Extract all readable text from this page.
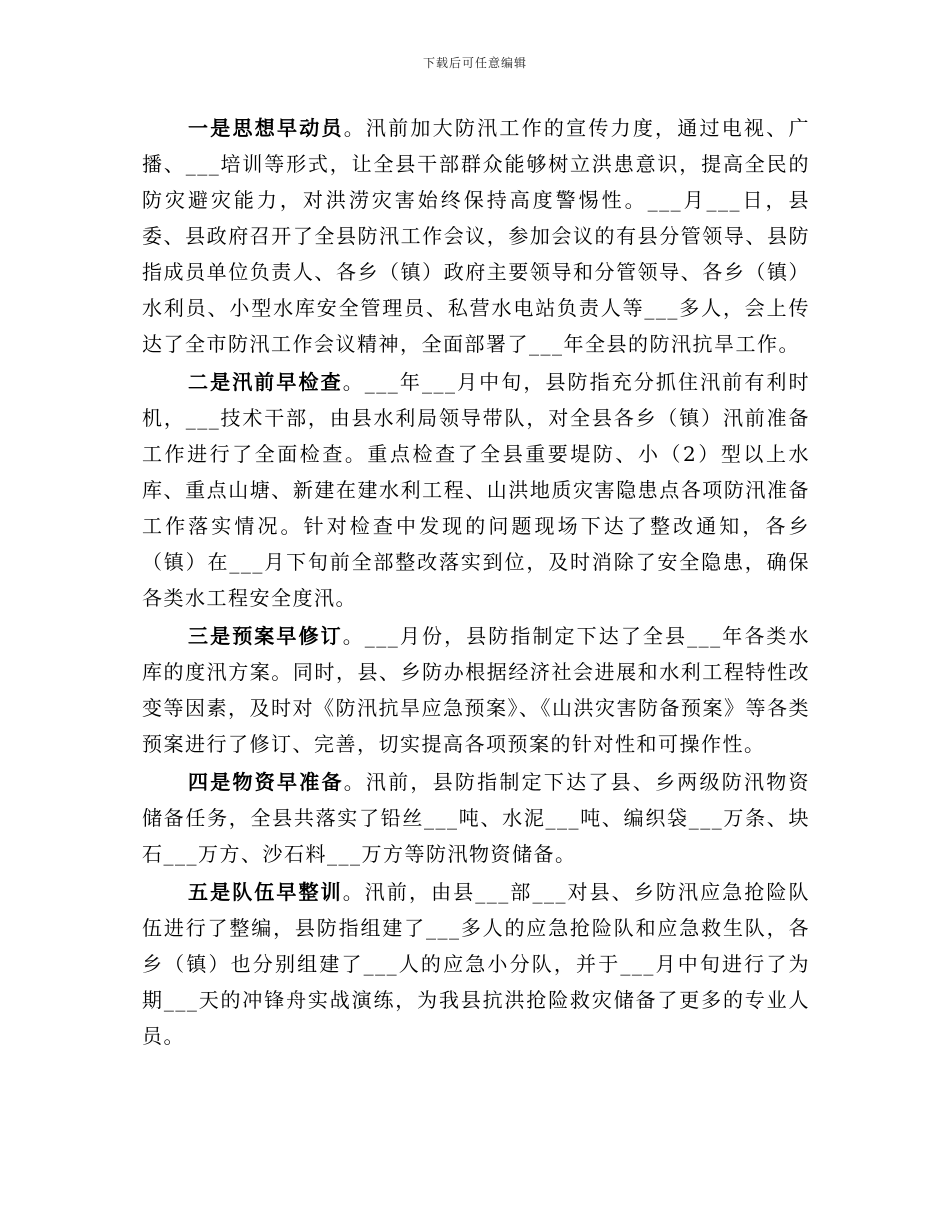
下载后可任意编辑

一是思想早动员。汛前加大防汛工作的宣传力度，通过电视、广播、___培训等形式，让全县干部群众能够树立洪患意识，提高全民的防灾避灾能力，对洪涝灾害始终保持高度警惕性。___月___日，县委、县政府召开了全县防汛工作会议，参加会议的有县分管领导、县防指成员单位负责人、各乡（镇）政府主要领导和分管领导、各乡（镇）水利员、小型水库安全管理员、私营水电站负责人等___多人，会上传达了全市防汛工作会议精神，全面部署了___年全县的防汛抗旱工作。

二是汛前早检查。___年___月中旬，县防指充分抓住汛前有利时机，___技术干部，由县水利局领导带队，对全县各乡（镇）汛前准备工作进行了全面检查。重点检查了全县重要堤防、小（2）型以上水库、重点山塘、新建在建水利工程、山洪地质灾害隐患点各项防汛准备工作落实情况。针对检查中发现的问题现场下达了整改通知，各乡（镇）在___月下旬前全部整改落实到位，及时消除了安全隐患，确保各类水工程安全度汛。

三是预案早修订。___月份，县防指制定下达了全县___年各类水库的度汛方案。同时，县、乡防办根据经济社会进展和水利工程特性改变等因素，及时对《防汛抗旱应急预案》、《山洪灾害防备预案》等各类预案进行了修订、完善，切实提高各项预案的针对性和可操作性。

四是物资早准备。汛前，县防指制定下达了县、乡两级防汛物资储备任务，全县共落实了铅丝___吨、水泥___吨、编织袋___万条、块石___万方、沙石料___万方等防汛物资储备。

五是队伍早整训。汛前，由县___部___对县、乡防汛应急抢险队伍进行了整编，县防指组建了___多人的应急抢险队和应急救生队，各乡（镇）也分别组建了___人的应急小分队，并于___月中旬进行了为期___天的冲锋舟实战演练，为我县抗洪抢险救灾储备了更多的专业人员。
